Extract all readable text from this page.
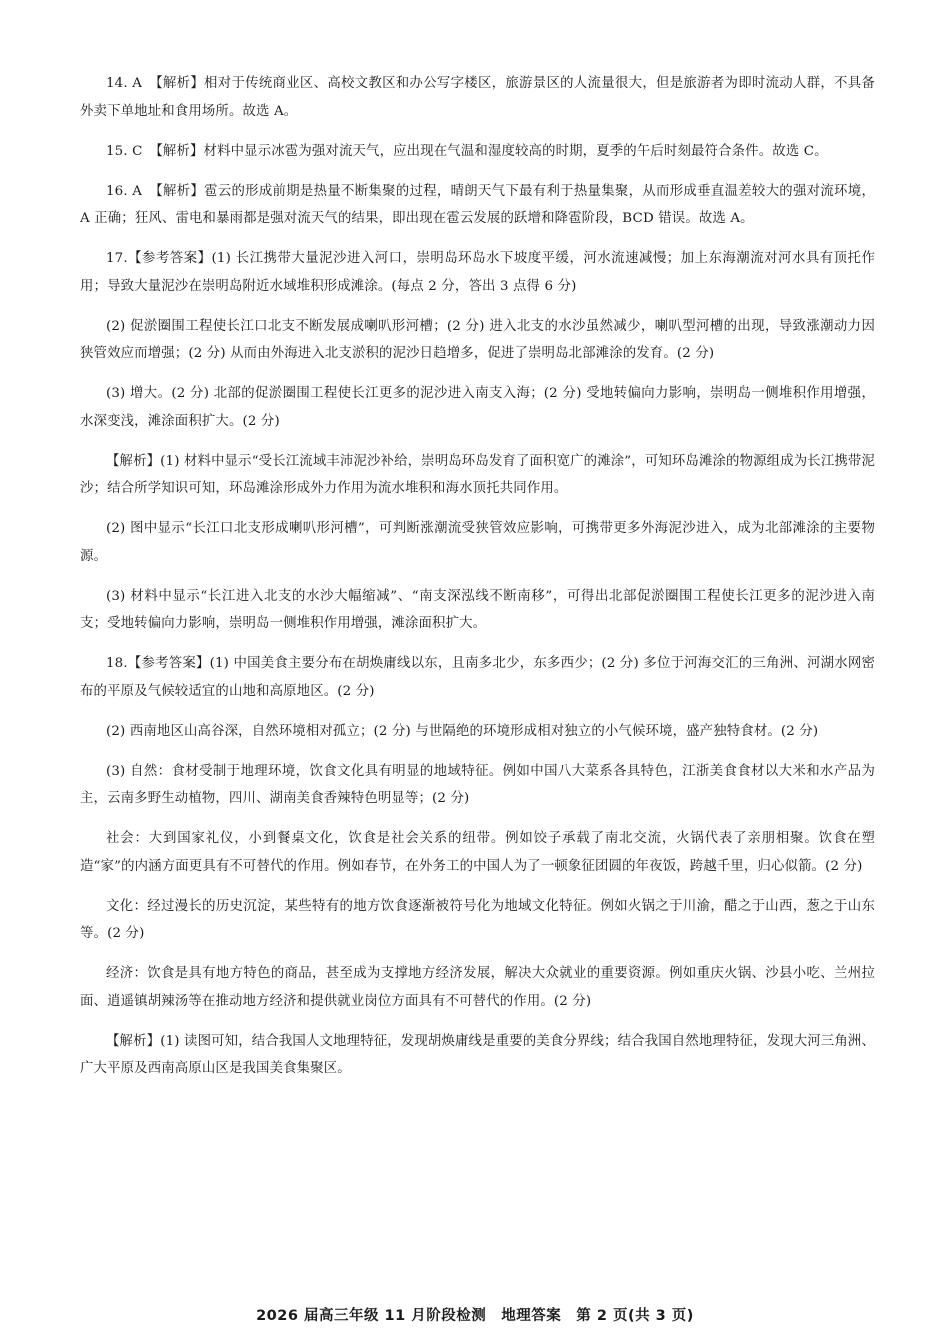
14. A　【解析】相对于传统商业区、高校文教区和办公写字楼区，旅游景区的人流量很大，但是旅游者为即时流动人群，不具备外卖下单地址和食用场所。故选 A。

15. C　【解析】材料中显示冰雹为强对流天气，应出现在气温和湿度较高的时期，夏季的午后时刻最符合条件。故选 C。

16. A　【解析】雹云的形成前期是热量不断集聚的过程，晴朗天气下最有利于热量集聚，从而形成垂直温差较大的强对流环境，A 正确；狂风、雷电和暴雨都是强对流天气的结果，即出现在雹云发展的跃增和降雹阶段，BCD 错误。故选 A。

17.【参考答案】(1) 长江携带大量泥沙进入河口，崇明岛环岛水下坡度平缓，河水流速减慢；加上东海潮流对河水具有顶托作用；导致大量泥沙在崇明岛附近水域堆积形成滩涂。(每点 2 分，答出 3 点得 6 分)

(2) 促淤圈围工程使长江口北支不断发展成喇叭形河槽；(2 分) 进入北支的水沙虽然减少，喇叭型河槽的出现，导致涨潮动力因狭管效应而增强；(2 分) 从而由外海进入北支淤积的泥沙日趋增多，促进了崇明岛北部滩涂的发育。(2 分)

(3) 增大。(2 分) 北部的促淤圈围工程使长江更多的泥沙进入南支入海；(2 分) 受地转偏向力影响，崇明岛一侧堆积作用增强，水深变浅，滩涂面积扩大。(2 分)

【解析】(1) 材料中显示“受长江流域丰沛泥沙补给，崇明岛环岛发育了面积宽广的滩涂”，可知环岛滩涂的物源组成为长江携带泥沙；结合所学知识可知，环岛滩涂形成外力作用为流水堆积和海水顶托共同作用。

(2) 图中显示“长江口北支形成喇叭形河槽”，可判断涨潮流受狭管效应影响，可携带更多外海泥沙进入，成为北部滩涂的主要物源。

(3) 材料中显示“长江进入北支的水沙大幅缩减”、“南支深泓线不断南移”，可得出北部促淤圈围工程使长江更多的泥沙进入南支；受地转偏向力影响，崇明岛一侧堆积作用增强，滩涂面积扩大。

18.【参考答案】(1) 中国美食主要分布在胡焕庸线以东，且南多北少，东多西少；(2 分) 多位于河海交汇的三角洲、河湖水网密布的平原及气候较适宜的山地和高原地区。(2 分)

(2) 西南地区山高谷深，自然环境相对孤立；(2 分) 与世隔绝的环境形成相对独立的小气候环境，盛产独特食材。(2 分)

(3) 自然：食材受制于地理环境，饮食文化具有明显的地域特征。例如中国八大菜系各具特色，江浙美食食材以大米和水产品为主，云南多野生动植物，四川、湖南美食香辣特色明显等；(2 分)

社会：大到国家礼仪，小到餐桌文化，饮食是社会关系的纽带。例如饺子承载了南北交流，火锅代表了亲朋相聚。饮食在塑造“家”的内涵方面更具有不可替代的作用。例如春节，在外务工的中国人为了一顿象征团圆的年夜饭，跨越千里，归心似箭。(2 分)

文化：经过漫长的历史沉淀，某些特有的地方饮食逐渐被符号化为地域文化特征。例如火锅之于川渝，醋之于山西，葱之于山东等。(2 分)

经济：饮食是具有地方特色的商品，甚至成为支撑地方经济发展，解决大众就业的重要资源。例如重庆火锅、沙县小吃、兰州拉面、逍遥镇胡辣汤等在推动地方经济和提供就业岗位方面具有不可替代的作用。(2 分)

【解析】(1) 读图可知，结合我国人文地理特征，发现胡焕庸线是重要的美食分界线；结合我国自然地理特征，发现大河三角洲、广大平原及西南高原山区是我国美食集聚区。

2026 届高三年级 11 月阶段检测　地理答案　第 2 页(共 3 页)
